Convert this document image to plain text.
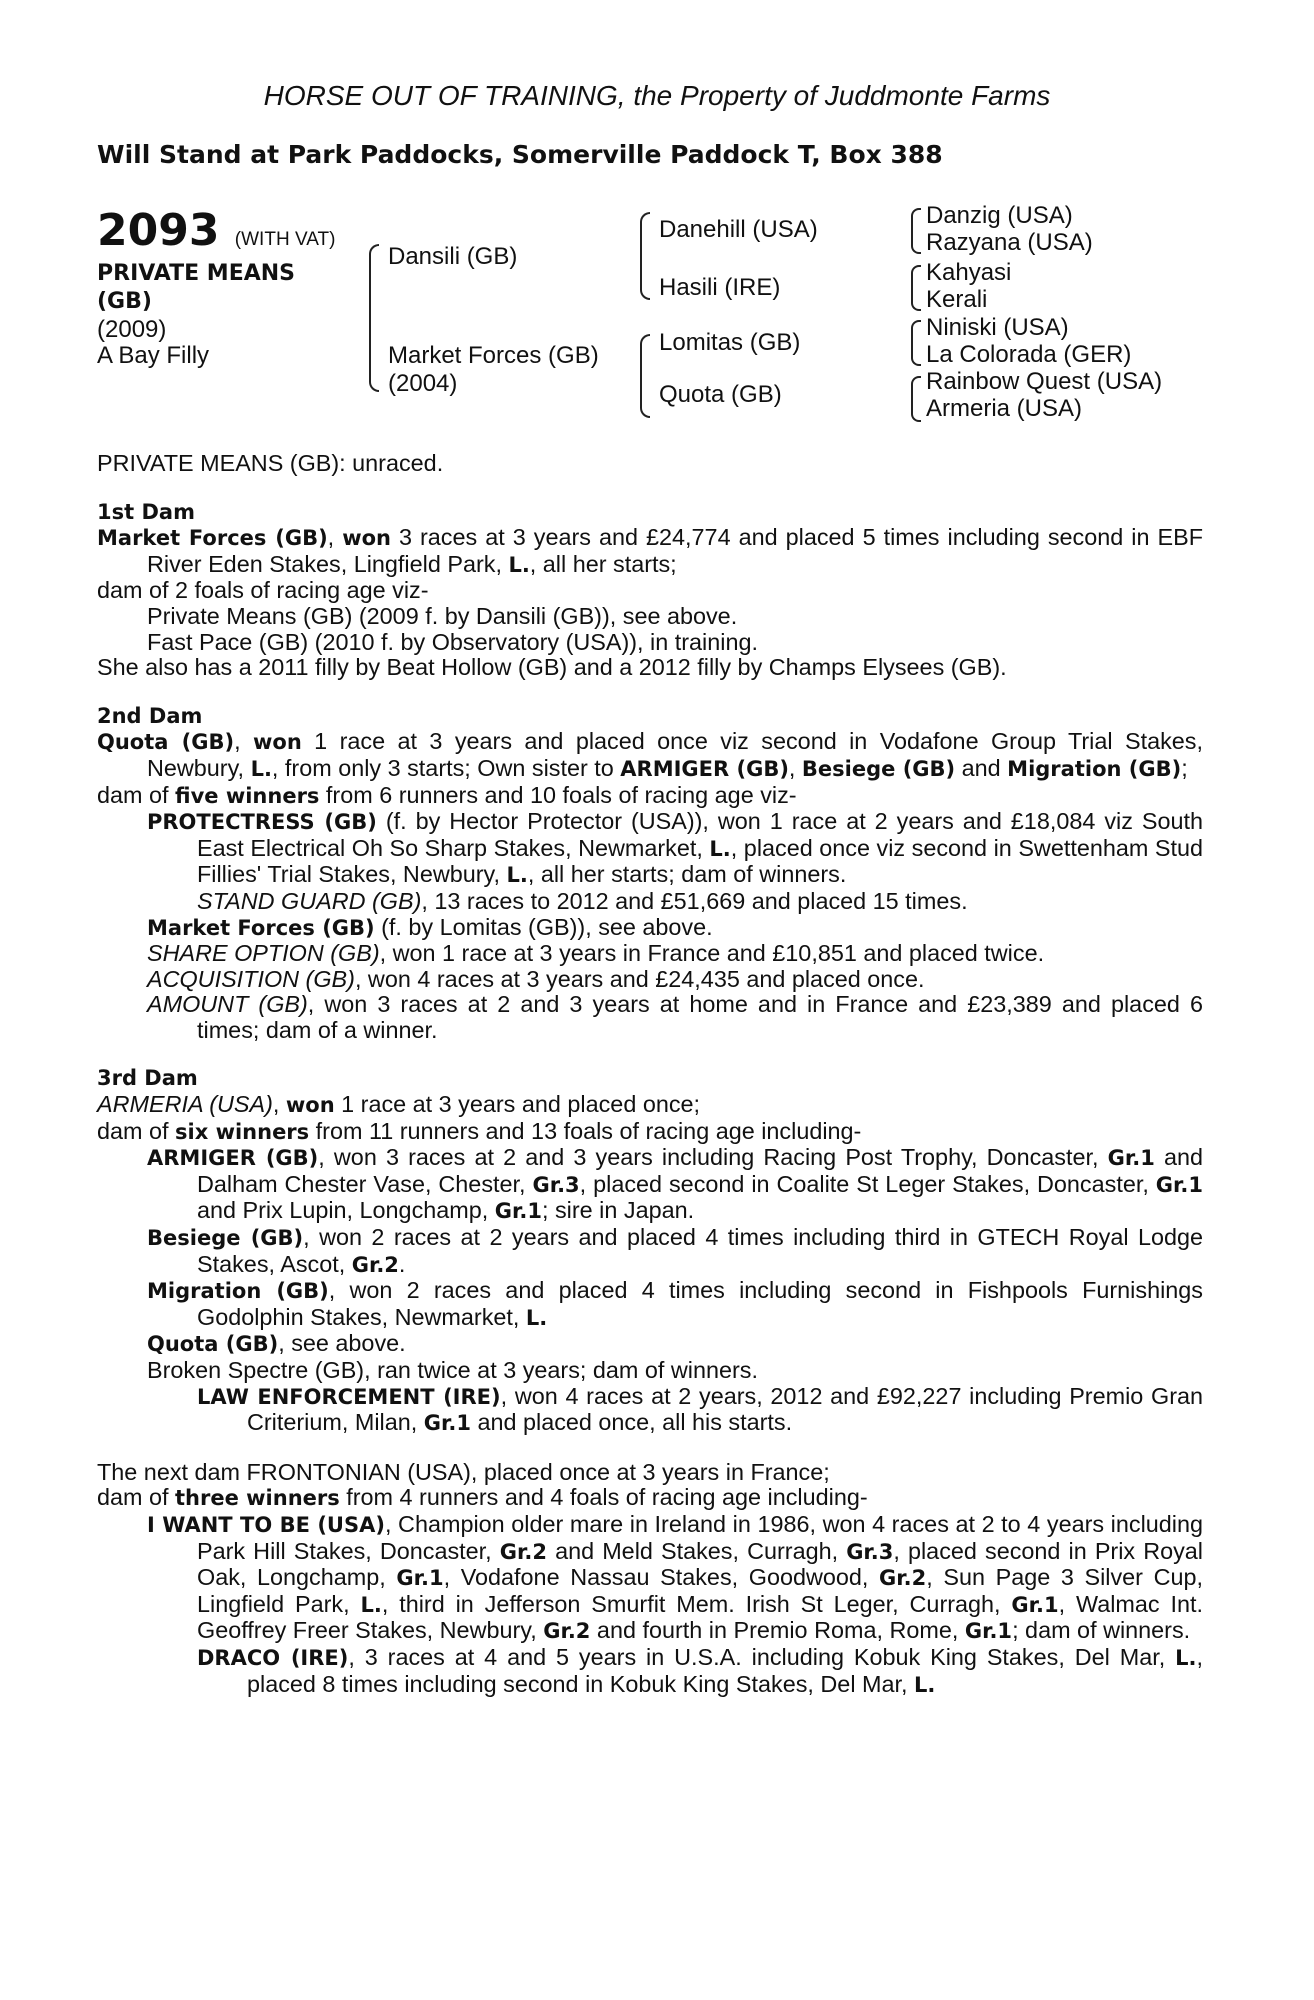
HORSE OUT OF TRAINING, the Property of Juddmonte Farms
Will Stand at Park Paddocks, Somerville Paddock T, Box 388
2093 (WITH VAT)
PRIVATE MEANS
(GB)
(2009)
A Bay Filly
Dansili (GB)
Market Forces (GB)
(2004)
Danehill (USA)
Hasili (IRE)
Lomitas (GB)
Quota (GB)
Danzig (USA)
Razyana (USA)
Kahyasi
Kerali
Niniski (USA)
La Colorada (GER)
Rainbow Quest (USA)
Armeria (USA)

PRIVATE MEANS (GB): unraced.

1st Dam

Market Forces (GB), won 3 races at 3 years and £24,774 and placed 5 times including second in EBF River Eden Stakes, Lingfield Park, L., all her starts;

dam of 2 foals of racing age viz-

Private Means (GB) (2009 f. by Dansili (GB)), see above.

Fast Pace (GB) (2010 f. by Observatory (USA)), in training.

She also has a 2011 filly by Beat Hollow (GB) and a 2012 filly by Champs Elysees (GB).

2nd Dam

Quota (GB), won 1 race at 3 years and placed once viz second in Vodafone Group Trial Stakes, Newbury, L., from only 3 starts; Own sister to ARMIGER (GB), Besiege (GB) and Migration (GB);

dam of five winners from 6 runners and 10 foals of racing age viz-

PROTECTRESS (GB) (f. by Hector Protector (USA)), won 1 race at 2 years and £18,084 viz South East Electrical Oh So Sharp Stakes, Newmarket, L., placed once viz second in Swettenham Stud Fillies' Trial Stakes, Newbury, L., all her starts; dam of winners.

STAND GUARD (GB), 13 races to 2012 and £51,669 and placed 15 times.

Market Forces (GB) (f. by Lomitas (GB)), see above.

SHARE OPTION (GB), won 1 race at 3 years in France and £10,851 and placed twice.

ACQUISITION (GB), won 4 races at 3 years and £24,435 and placed once.

AMOUNT (GB), won 3 races at 2 and 3 years at home and in France and £23,389 and placed 6 times; dam of a winner.

3rd Dam

ARMERIA (USA), won 1 race at 3 years and placed once;

dam of six winners from 11 runners and 13 foals of racing age including-

ARMIGER (GB), won 3 races at 2 and 3 years including Racing Post Trophy, Doncaster, Gr.1 and Dalham Chester Vase, Chester, Gr.3, placed second in Coalite St Leger Stakes, Doncaster, Gr.1 and Prix Lupin, Longchamp, Gr.1; sire in Japan.

Besiege (GB), won 2 races at 2 years and placed 4 times including third in GTECH Royal Lodge Stakes, Ascot, Gr.2.

Migration (GB), won 2 races and placed 4 times including second in Fishpools Furnishings Godolphin Stakes, Newmarket, L.

Quota (GB), see above.

Broken Spectre (GB), ran twice at 3 years; dam of winners.

LAW ENFORCEMENT (IRE), won 4 races at 2 years, 2012 and £92,227 including Premio Gran Criterium, Milan, Gr.1 and placed once, all his starts.

The next dam FRONTONIAN (USA), placed once at 3 years in France;

dam of three winners from 4 runners and 4 foals of racing age including-

I WANT TO BE (USA), Champion older mare in Ireland in 1986, won 4 races at 2 to 4 years including Park Hill Stakes, Doncaster, Gr.2 and Meld Stakes, Curragh, Gr.3, placed second in Prix Royal Oak, Longchamp, Gr.1, Vodafone Nassau Stakes, Goodwood, Gr.2, Sun Page 3 Silver Cup, Lingfield Park, L., third in Jefferson Smurfit Mem. Irish St Leger, Curragh, Gr.1, Walmac Int. Geoffrey Freer Stakes, Newbury, Gr.2 and fourth in Premio Roma, Rome, Gr.1; dam of winners.

DRACO (IRE), 3 races at 4 and 5 years in U.S.A. including Kobuk King Stakes, Del Mar, L., placed 8 times including second in Kobuk King Stakes, Del Mar, L.
